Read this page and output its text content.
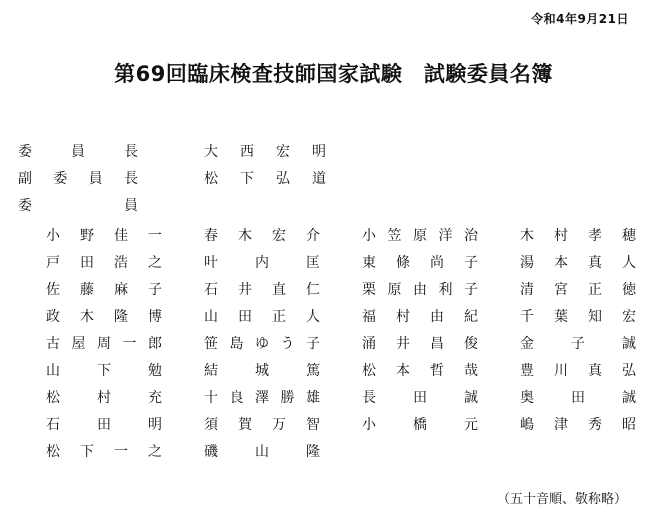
令和4年9月21日
第69回臨床検査技師国家試験　試験委員名簿
委員長	大西宏明
副委員長	松下弘道
委員
小野佳一	春木宏介	小笠原洋治	木村孝穂
戸田浩之	叶内匡	東條尚子	湯本真人
佐藤麻子	石井直仁	栗原由利子	清宮正徳
政木隆博	山田正人	福村由紀	千葉知宏
古屋周一郎	笹島ゆう子	涌井昌俊	金子誠
山下勉	結城篤	松本哲哉	豊川真弘
松村充	十良澤勝雄	長田誠	奥田誠
石田明	須賀万智	小橋元	嶋津秀昭
松下一之	磯山隆
（五十音順、敬称略）
